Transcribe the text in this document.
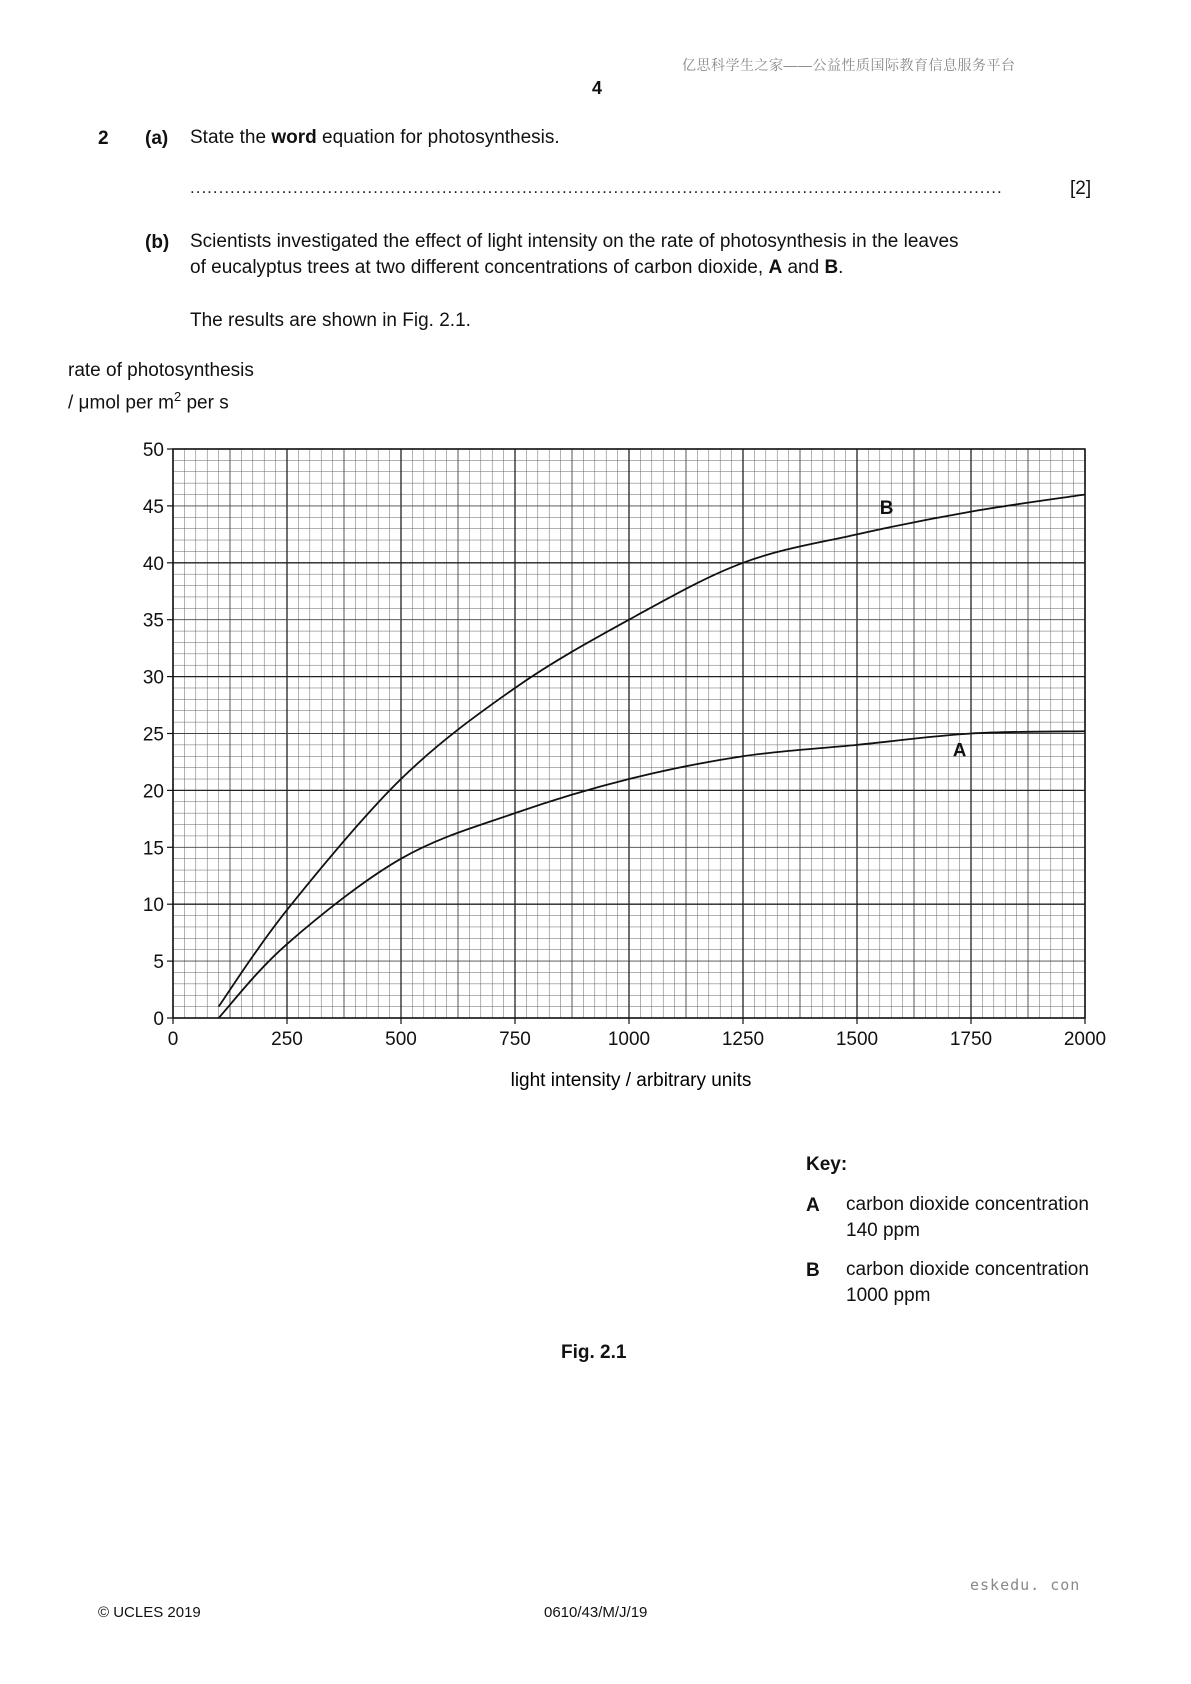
亿思科学生之家——公益性质国际教育信息服务平台
4
2 (a) State the word equation for photosynthesis.
..............................................................................................................................................	[2]
(b) Scientists investigated the effect of light intensity on the rate of photosynthesis in the leaves
of eucalyptus trees at two different concentrations of carbon dioxide, A and B.
The results are shown in Fig. 2.1.
rate of photosynthesis
/ μmol per $m^2$ per s
0	250	500	750	1000	1250	1500	1750	2000
0
5
10
15
20
25
30
35
40
45
50
A
B
light intensity / arbitrary units
Key:
A carbon dioxide concentration
140 ppm
B carbon dioxide concentration
1000 ppm
Fig. 2.1
eskedu. con
© UCLES 2019	0610/43/M/J/19
